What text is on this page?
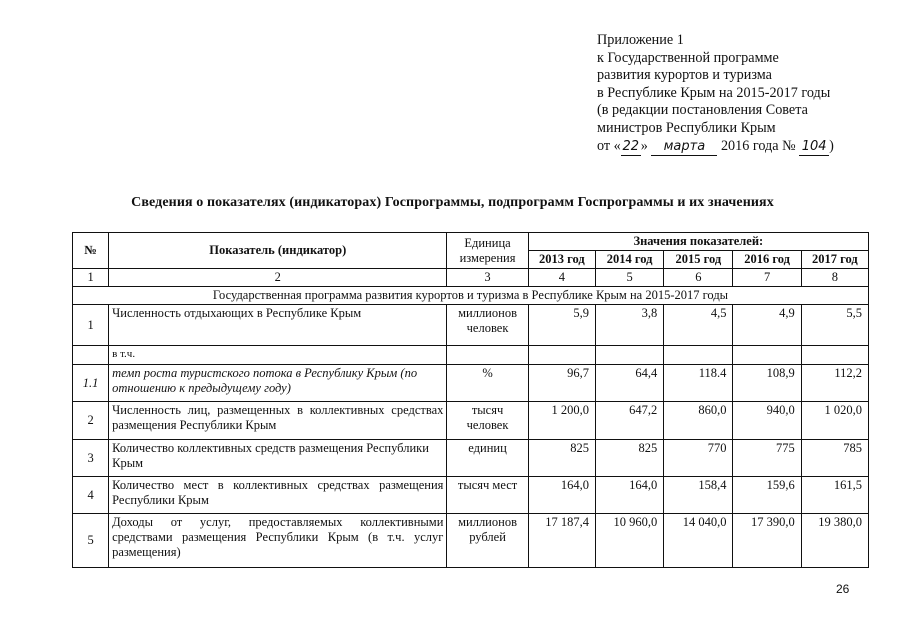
Приложение 1
к Государственной программе
развития курортов и туризма
в Республике Крым на 2015-2017 годы
(в редакции постановления Совета
министров Республики Крым
от « 22 » марта 2016 года № 104 )
Сведения о показателях (индикаторах) Госпрограммы, подпрограмм Госпрограммы и их значениях
№	Показатель (индикатор)	Единица измерения	Значения показателей:				
			2013 год	2014 год	2015 год	2016 год	2017 год
1	2	3	4	5	6	7	8
Государственная программа развития курортов и туризма в Республике Крым на 2015-2017 годы							
1	Численность отдыхающих в Республике Крым	миллионов человек	5,9	3,8	4,5	4,9	5,5
	в т.ч.						
1.1	темп роста туристского потока в Республику Крым (по отношению к предыдущему году)	%	96,7	64,4	118.4	108,9	112,2
2	Численность лиц, размещенных в коллективных средствах размещения Республики Крым	тысяч человек	1 200,0	647,2	860,0	940,0	1 020,0
3	Количество коллективных средств размещения Республики Крым	единиц	825	825	770	775	785
4	Количество мест в коллективных средствах размещения Республики Крым	тысяч мест	164,0	164,0	158,4	159,6	161,5
5	Доходы от услуг, предоставляемых коллективными средствами размещения Республики Крым (в т.ч. услуг размещения)	миллионов рублей	17 187,4	10 960,0	14 040,0	17 390,0	19 380,0
26
